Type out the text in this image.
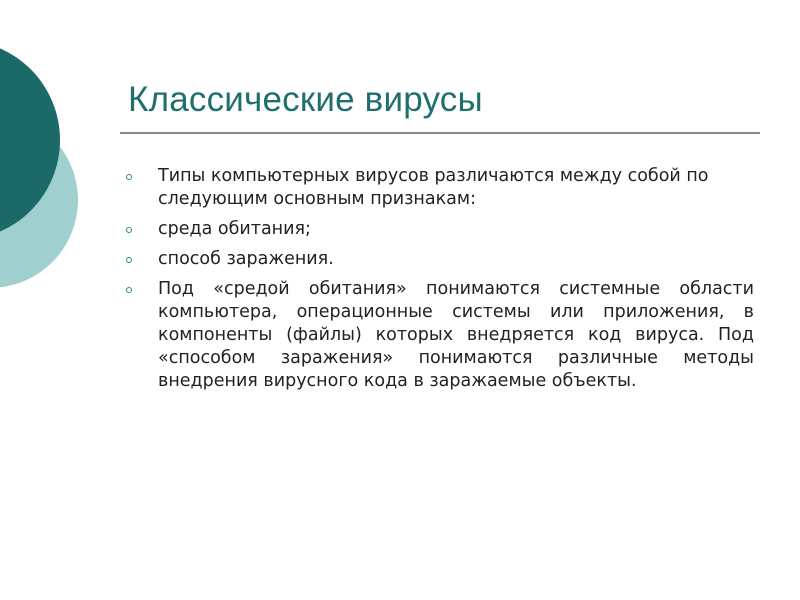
Классические вирусы
Типы компьютерных вирусов различаются между собой по следующим основным признакам:
среда обитания;
способ заражения.
Под «средой обитания» понимаются системные области компьютера, операционные системы или приложения, в компоненты (файлы) которых внедряется код вируса. Под «способом заражения» понимаются различные методы внедрения вирусного кода в заражаемые объекты.
